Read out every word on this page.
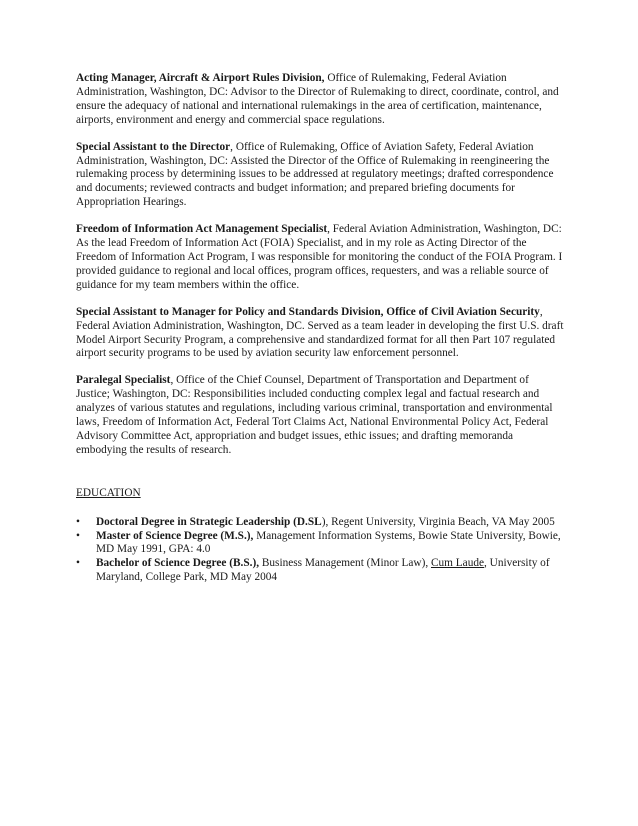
Acting Manager, Aircraft & Airport Rules Division, Office of Rulemaking, Federal Aviation Administration, Washington, DC: Advisor to the Director of Rulemaking to direct, coordinate, control, and ensure the adequacy of national and international rulemakings in the area of certification, maintenance, airports, environment and energy and commercial space regulations.

Special Assistant to the Director, Office of Rulemaking, Office of Aviation Safety, Federal Aviation Administration, Washington, DC: Assisted the Director of the Office of Rulemaking in reengineering the rulemaking process by determining issues to be addressed at regulatory meetings; drafted correspondence and documents; reviewed contracts and budget information; and prepared briefing documents for Appropriation Hearings.

Freedom of Information Act Management Specialist, Federal Aviation Administration, Washington, DC: As the lead Freedom of Information Act (FOIA) Specialist, and in my role as Acting Director of the Freedom of Information Act Program, I was responsible for monitoring the conduct of the FOIA Program. I provided guidance to regional and local offices, program offices, requesters, and was a reliable source of guidance for my team members within the office.

Special Assistant to Manager for Policy and Standards Division, Office of Civil Aviation Security, Federal Aviation Administration, Washington, DC. Served as a team leader in developing the first U.S. draft Model Airport Security Program, a comprehensive and standardized format for all then Part 107 regulated airport security programs to be used by aviation security law enforcement personnel.

Paralegal Specialist, Office of the Chief Counsel, Department of Transportation and Department of Justice; Washington, DC: Responsibilities included conducting complex legal and factual research and analyzes of various statutes and regulations, including various criminal, transportation and environmental laws, Freedom of Information Act, Federal Tort Claims Act, National Environmental Policy Act, Federal Advisory Committee Act, appropriation and budget issues, ethic issues; and drafting memoranda embodying the results of research.

EDUCATION
• Doctoral Degree in Strategic Leadership (D.SL), Regent University, Virginia Beach, VA May 2005
• Master of Science Degree (M.S.), Management Information Systems, Bowie State University, Bowie, MD May 1991, GPA: 4.0
• Bachelor of Science Degree (B.S.), Business Management (Minor Law), Cum Laude, University of Maryland, College Park, MD May 2004
